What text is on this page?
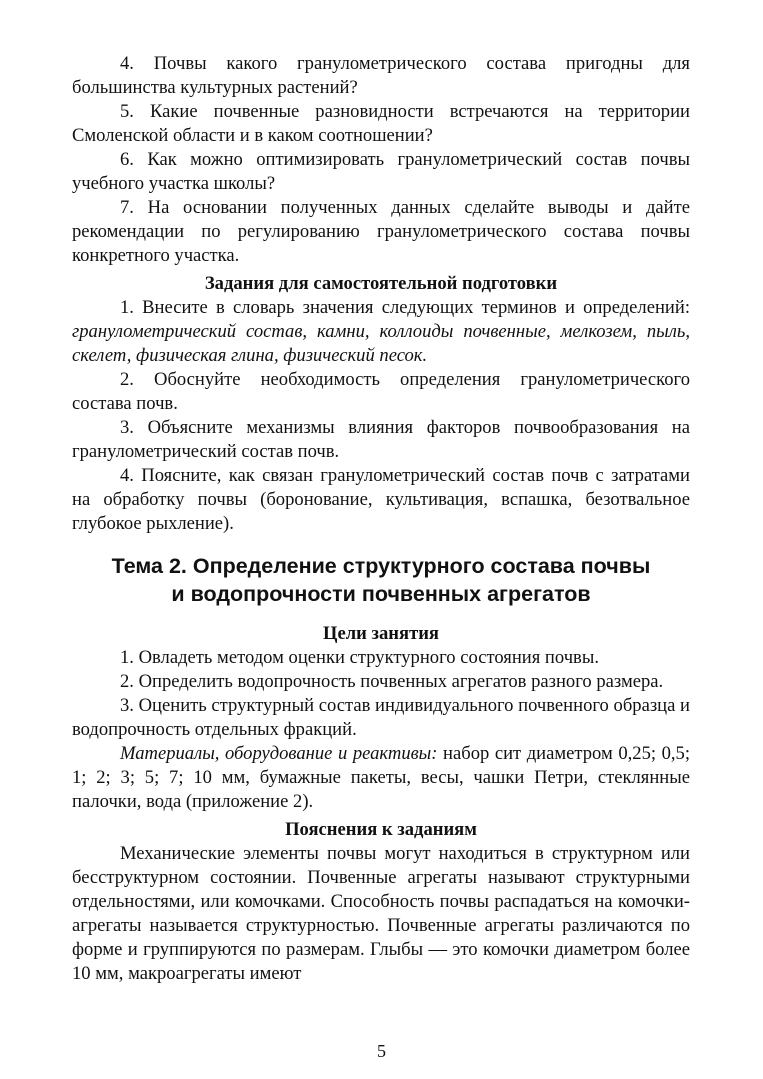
4. Почвы какого гранулометрического состава пригодны для большинства культурных растений?

5. Какие почвенные разновидности встречаются на территории Смоленской области и в каком соотношении?

6. Как можно оптимизировать гранулометрический состав почвы учебного участка школы?

7. На основании полученных данных сделайте выводы и дайте рекомендации по регулированию гранулометрического состава почвы конкретного участка.

Задания для самостоятельной подготовки

1. Внесите в словарь значения следующих терминов и определений: гранулометрический состав, камни, коллоиды почвенные, мелкозем, пыль, скелет, физическая глина, физический песок.

2. Обоснуйте необходимость определения гранулометрического состава почв.

3. Объясните механизмы влияния факторов почвообразования на гранулометрический состав почв.

4. Поясните, как связан гранулометрический состав почв с затратами на обработку почвы (боронование, культивация, вспашка, безотвальное глубокое рыхление).

Тема 2. Определение структурного состава почвы
и водопрочности почвенных агрегатов

Цели занятия

1. Овладеть методом оценки структурного состояния почвы.

2. Определить водопрочность почвенных агрегатов разного размера.

3. Оценить структурный состав индивидуального почвенного образца и водопрочность отдельных фракций.

Материалы, оборудование и реактивы: набор сит диаметром 0,25; 0,5; 1; 2; 3; 5; 7; 10 мм, бумажные пакеты, весы, чашки Петри, стеклянные палочки, вода (приложение 2).

Пояснения к заданиям

Механические элементы почвы могут находиться в структурном или бесструктурном состоянии. Почвенные агрегаты называют структурными отдельностями, или комочками. Способность почвы распадаться на комочки-агрегаты называется структурностью. Почвенные агрегаты различаются по форме и группируются по размерам. Глыбы — это комочки диаметром более 10 мм, макроагрегаты имеют

5
